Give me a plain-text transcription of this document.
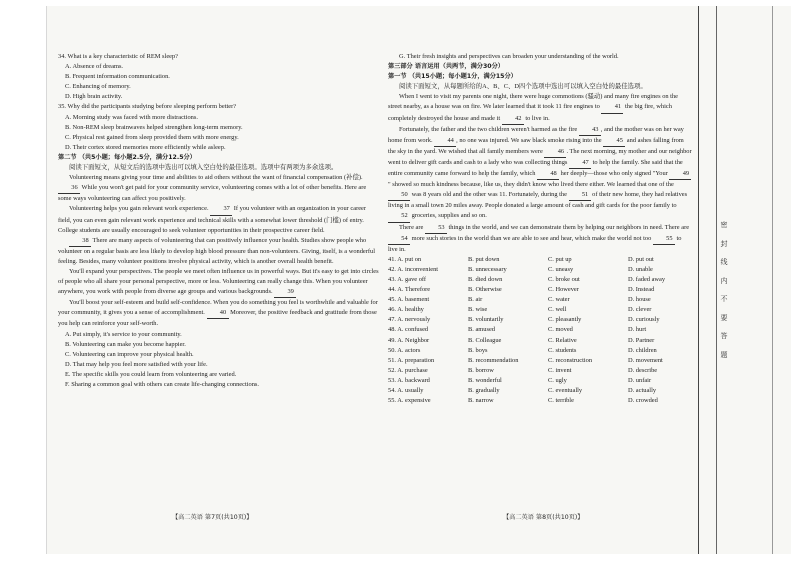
密
封
线
内
不
要
答
题

34. What is a key characteristic of REM sleep?

A. Absence of dreams.

B. Frequent information communication.

C. Enhancing of memory.

D. High brain activity.

35. Why did the participants studying before sleeping perform better?

A. Morning study was faced with more distractions.

B. Non-REM sleep brainwaves helped strengthen long-term memory.

C. Physical rest gained from sleep provided them with more energy.

D. Their cortex stored memories more efficiently while asleep.

第二节 （共5小题；每小题2.5分，满分12.5分）

阅读下面短文，从短文后的选项中选出可以填入空白处的最佳选项。选项中有两项为多余选项。

Volunteering means giving your time and abilities to aid others without the want of financial compensation (补偿). 36 While you won't get paid for your community service, volunteering comes with a lot of other benefits. Here are some ways volunteering can affect you positively.

Volunteering helps you gain relevant work experience. 37 If you volunteer with an organization in your career field, you can even gain relevant work experience and technical skills with a somewhat lower threshold (门槛) of entry. College students are usually encouraged to seek volunteer opportunities in their prospective career field.

38 There are many aspects of volunteering that can positively influence your health. Studies show people who volunteer on a regular basis are less likely to develop high blood pressure than non-volunteers. Giving, itself, is a wonderful feeling. Besides, many volunteer positions involve physical activity, which is another overall health benefit.

You'll expand your perspectives. The people we meet often influence us in powerful ways. But it's easy to get into circles of people who all share your personal perspective, more or less. Volunteering can really change this. When you volunteer anywhere, you work with people from diverse age groups and various backgrounds. 39

You'll boost your self-esteem and build self-confidence. When you do something you feel is worthwhile and valuable for your community, it gives you a sense of accomplishment. 40 Moreover, the positive feedback and gratitude from those you help can reinforce your self-worth.

A. Put simply, it's service to your community.

B. Volunteering can make you become happier.

C. Volunteering can improve your physical health.

D. That may help you feel more satisfied with your life.

E. The specific skills you could learn from volunteering are varied.

F. Sharing a common goal with others can create life-changing connections.

G. Their fresh insights and perspectives can broaden your understanding of the world.

第三部分 语言运用（共两节，满分30分）

第一节 （共15小题；每小题1分，满分15分）

阅读下面短文，从每题所给的A、B、C、D四个选项中选出可以填入空白处的最佳选项。

When I went to visit my parents one night, there were huge commotions (骚动) and many fire engines on the street nearby, as a house was on fire. We later learned that it took 11 fire engines to 41 the big fire, which completely destroyed the house and made it 42 to live in.

Fortunately, the father and the two children weren't harmed as the fire 43 , and the mother was on her way home from work. 44 , no one was injured. We saw black smoke rising into the 45 and ashes falling from the sky in the yard. We wished that all family members were 46 . The next morning, my mother and our neighbor went to deliver gift cards and cash to a lady who was collecting things 47 to help the family. She said that the entire community came forward to help the family, which 48 her deeply—those who only signed "Your 49" showed so much kindness because, like us, they didn't know who lived there either. We learned that one of the 50 was 8 years old and the other was 11. Fortunately, during the 51 of their new home, they had relatives living in a small town 20 miles away. People donated a large amount of cash and gift cards for the poor family to 52 groceries, supplies and so on.

There are 53 things in the world, and we can demonstrate them by helping our neighbors in need. There are 54 more such stories in the world than we are able to see and hear, which make the world not too 55 to live in.

41. A. put on	B. put down	C. put up	D. put out
42. A. inconvenient	B. unnecessary	C. uneasy	D. unable
43. A. gave off	B. died down	C. broke out	D. faded away
44. A. Therefore	B. Otherwise	C. However	D. Instead
45. A. basement	B. air	C. water	D. house
46. A. healthy	B. wise	C. well	D. clever
47. A. nervously	B. voluntarily	C. pleasantly	D. curiously
48. A. confused	B. amused	C. moved	D. hurt
49. A. Neighbor	B. Colleague	C. Relative	D. Partner
50. A. actors	B. boys	C. students	D. children
51. A. preparation	B. recommendation	C. reconstruction	D. movement
52. A. purchase	B. borrow	C. invent	D. describe
53. A. backward	B. wonderful	C. ugly	D. unfair
54. A. usually	B. gradually	C. eventually	D. actually
55. A. expensive	B. narrow	C. terrible	D. crowded
【高二英语 第7页(共10页)】	【高二英语 第8页(共10页)】
